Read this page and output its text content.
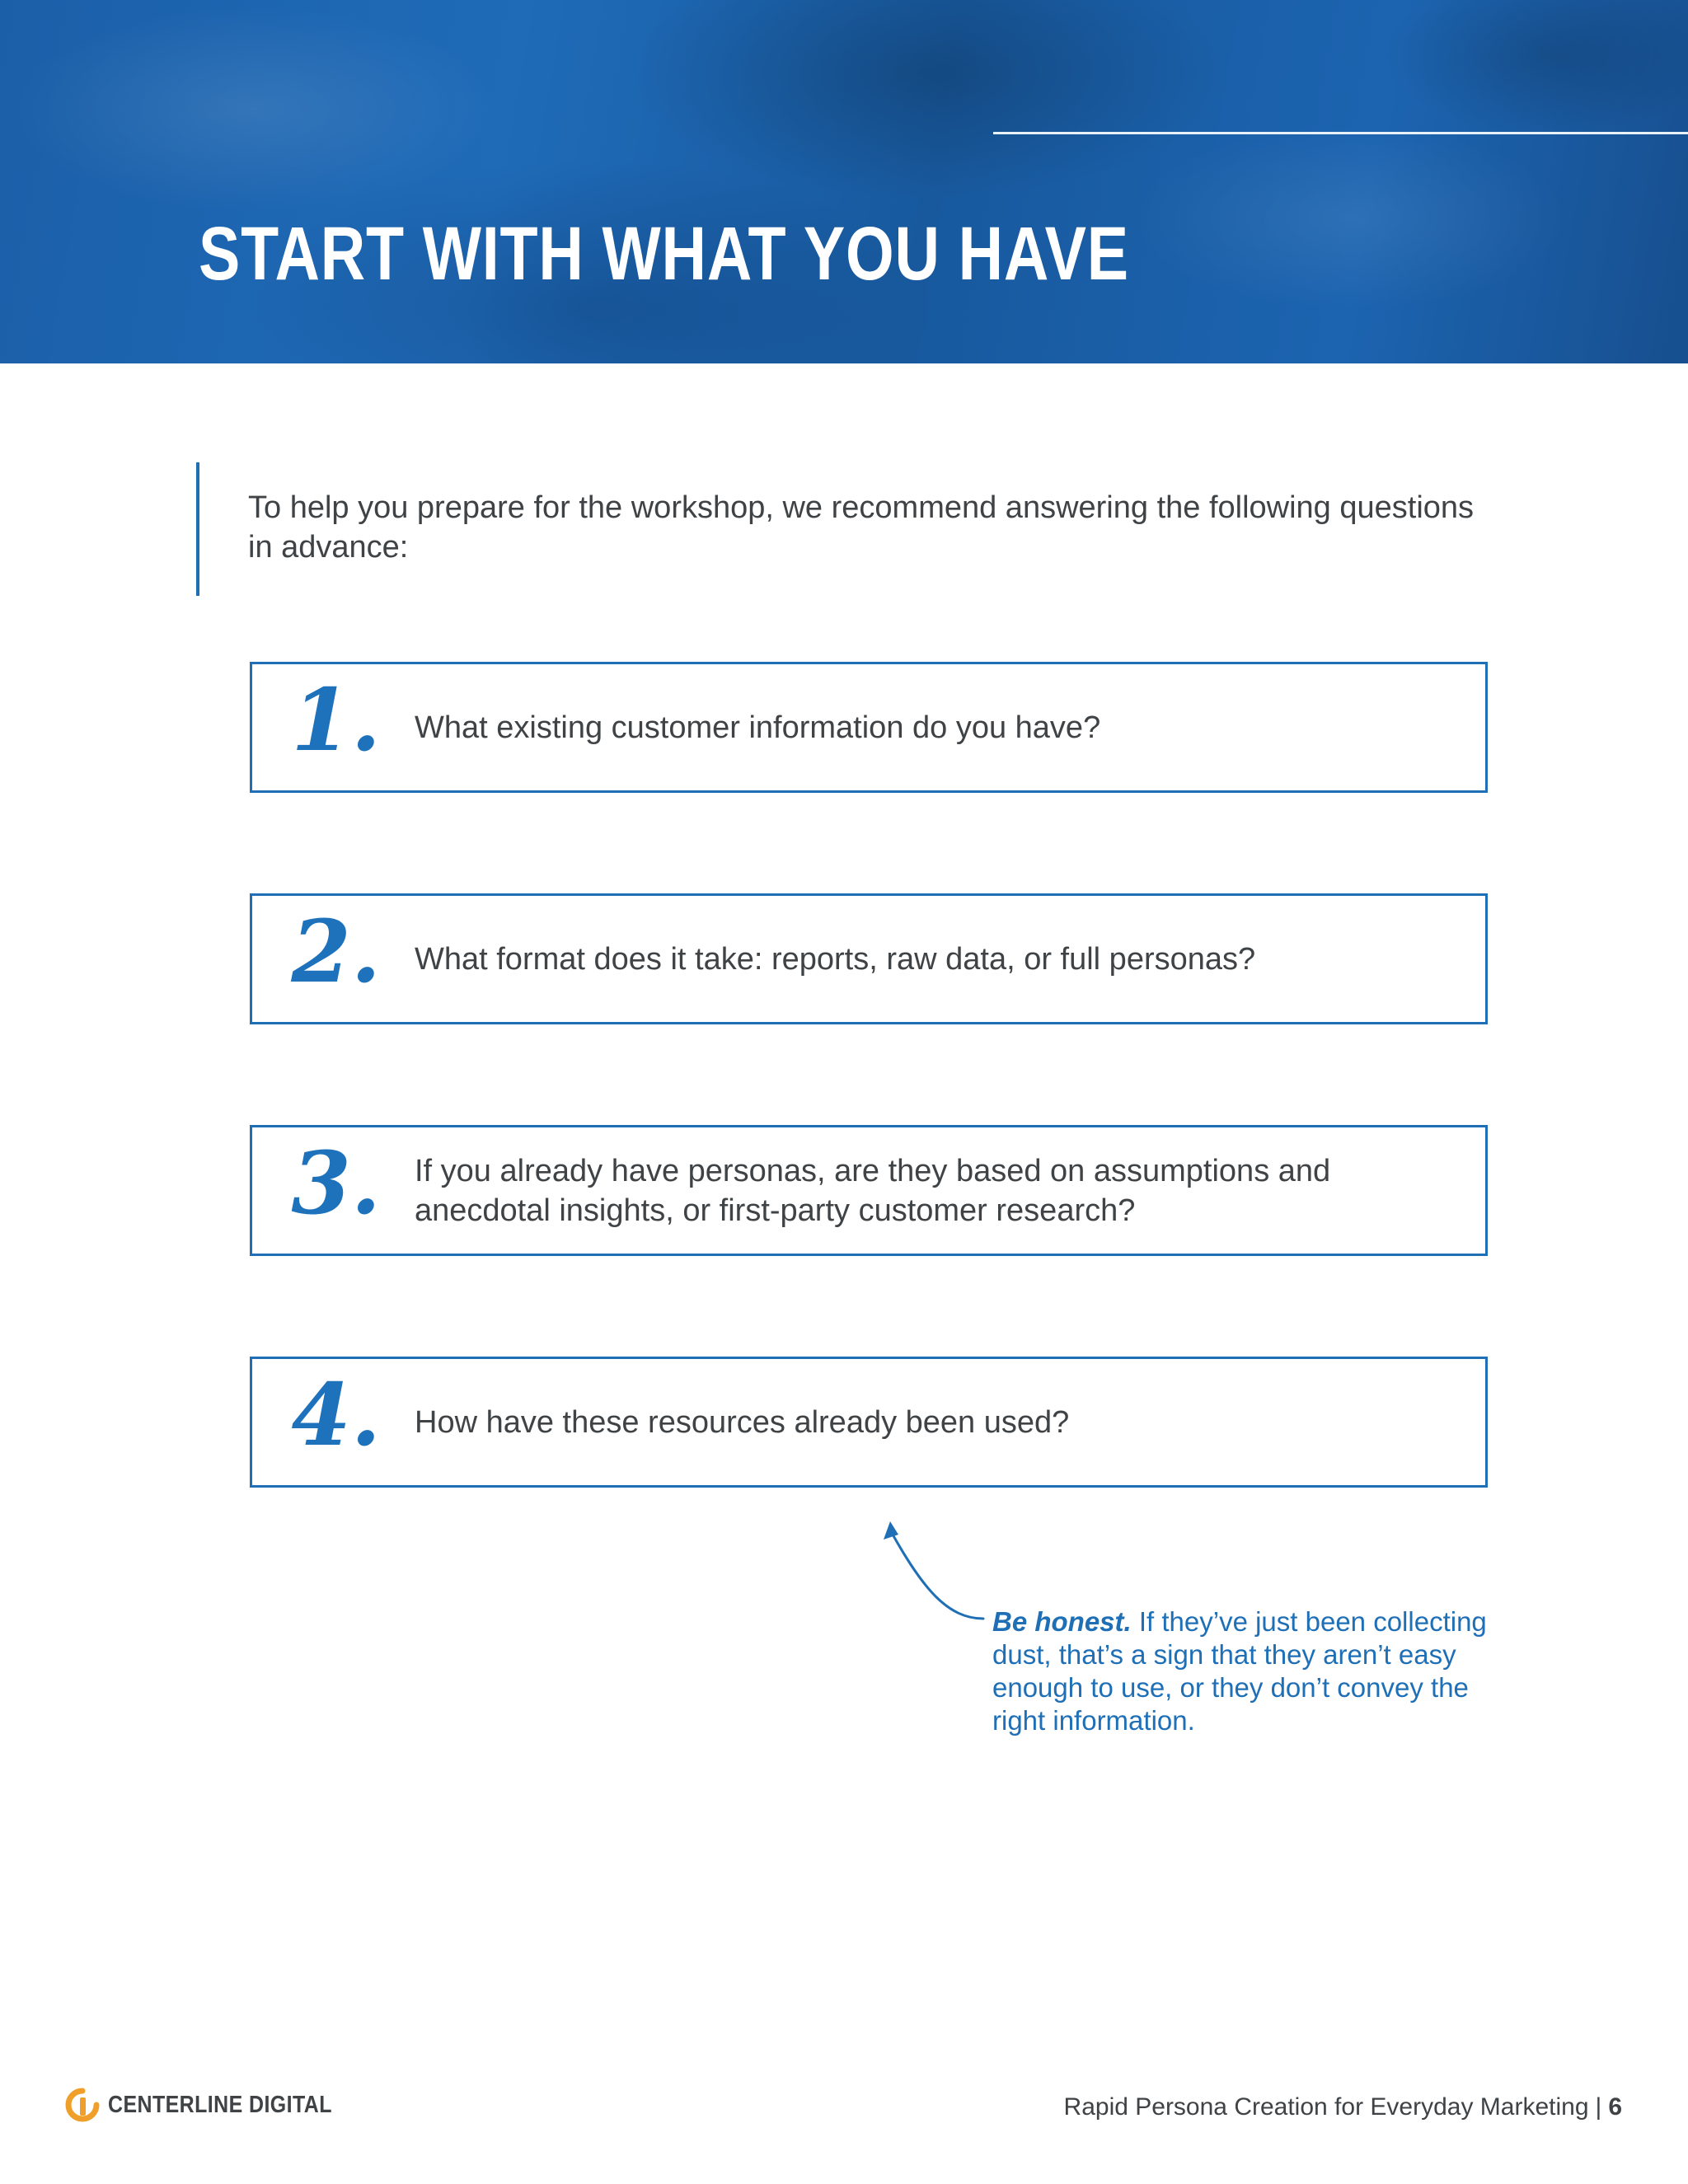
START WITH WHAT YOU HAVE

To help you prepare for the workshop, we recommend answering the following questions in advance:

1. What existing customer information do you have?
2. What format does it take: reports, raw data, or full personas?
3. If you already have personas, are they based on assumptions and anecdotal insights, or first-party customer research?
4. How have these resources already been used?

Be honest. If they’ve just been collecting dust, that’s a sign that they aren’t easy enough to use, or they don’t convey the right information.

CENTERLINE DIGITAL	Rapid Persona Creation for Everyday Marketing | 6
